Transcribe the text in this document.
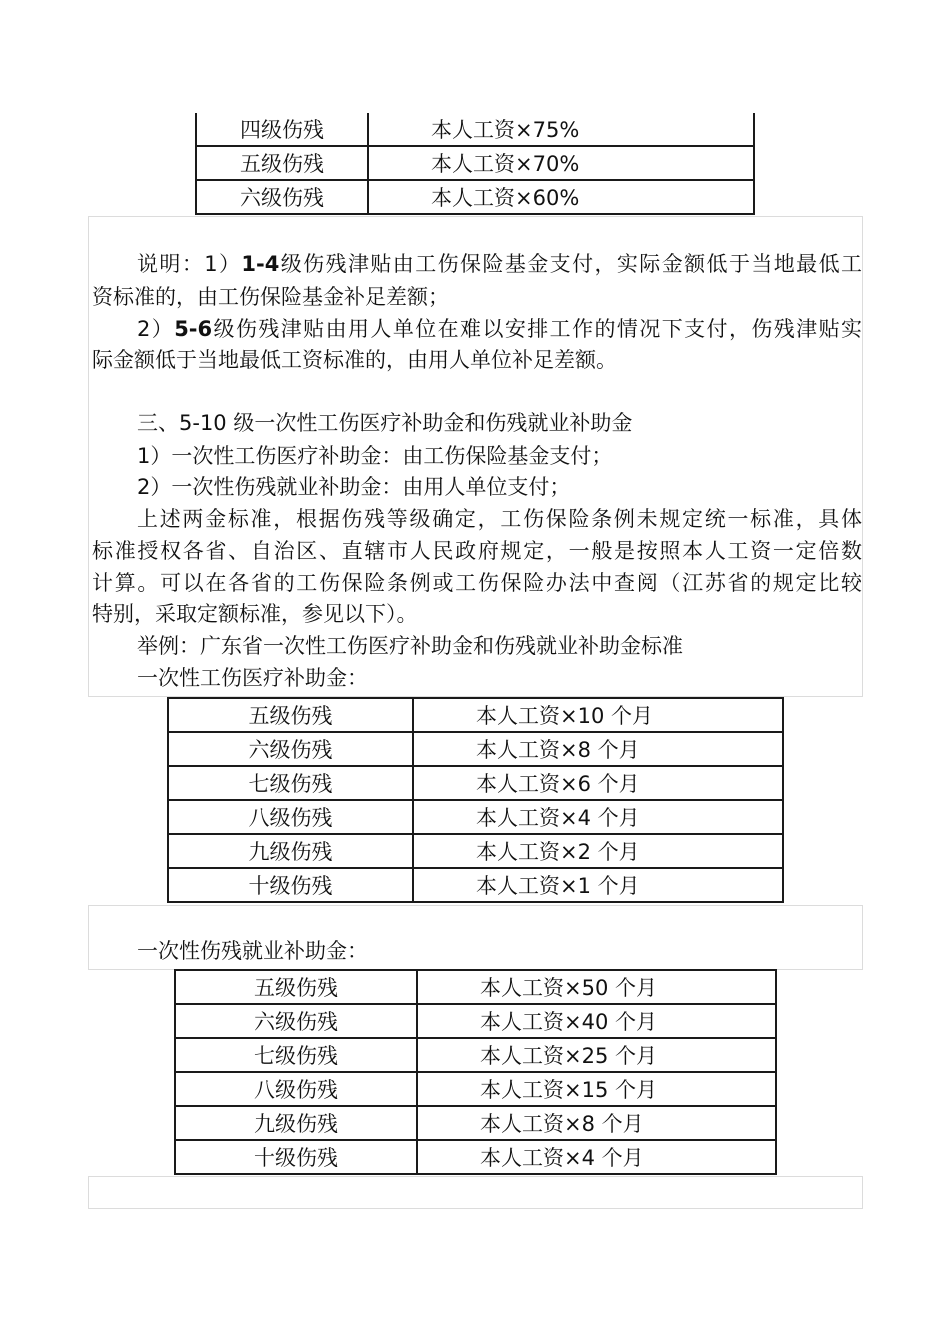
四级伤残	本人工资×75%
五级伤残	本人工资×70%
六级伤残	本人工资×60%
说明：1）1-4级伤残津贴由工伤保险基金支付，实际金额低于当地最低工
资标准的，由工伤保险基金补足差额；
2）5-6级伤残津贴由用人单位在难以安排工作的情况下支付，伤残津贴实
际金额低于当地最低工资标准的，由用人单位补足差额。
三、5-10 级一次性工伤医疗补助金和伤残就业补助金
1）一次性工伤医疗补助金：由工伤保险基金支付；
2）一次性伤残就业补助金：由用人单位支付；
上述两金标准，根据伤残等级确定，工伤保险条例未规定统一标准，具体
标准授权各省、自治区、直辖市人民政府规定，一般是按照本人工资一定倍数
计算。可以在各省的工伤保险条例或工伤保险办法中查阅（江苏省的规定比较
特别，采取定额标准，参见以下）。
举例：广东省一次性工伤医疗补助金和伤残就业补助金标准
一次性工伤医疗补助金：
五级伤残	本人工资×10 个月
六级伤残	本人工资×8 个月
七级伤残	本人工资×6 个月
八级伤残	本人工资×4 个月
九级伤残	本人工资×2 个月
十级伤残	本人工资×1 个月
一次性伤残就业补助金：
五级伤残	本人工资×50 个月
六级伤残	本人工资×40 个月
七级伤残	本人工资×25 个月
八级伤残	本人工资×15 个月
九级伤残	本人工资×8 个月
十级伤残	本人工资×4 个月
